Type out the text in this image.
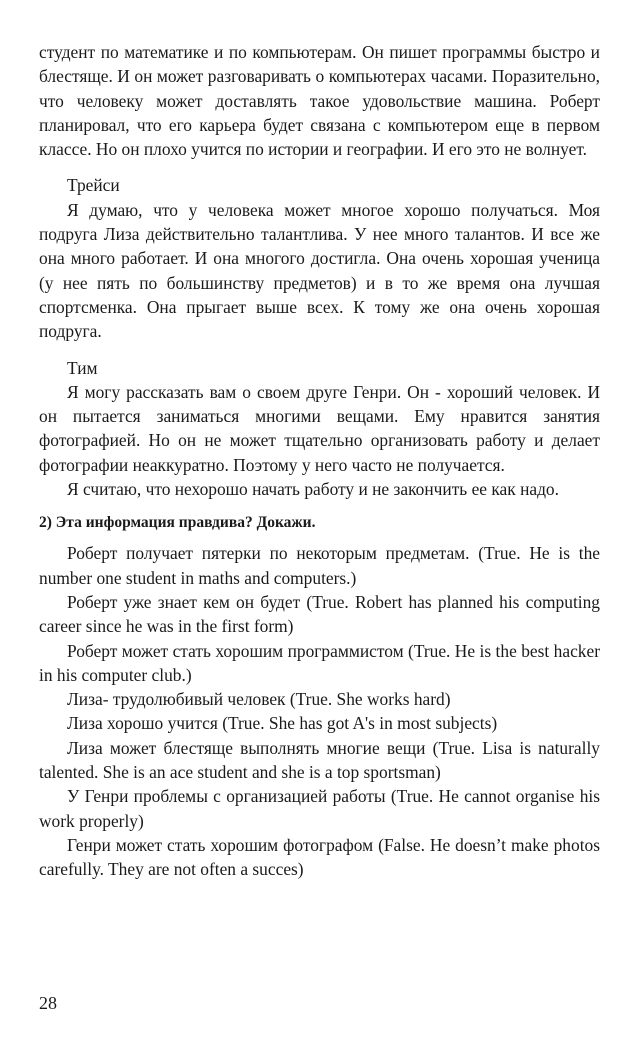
студент по математике и по компьютерам. Он пишет программы быстро и блестяще. И он может разговаривать о компьютерах часами. Поразительно, что человеку может доставлять такое удовольствие машина. Роберт планировал, что его карьера будет связана с компьютером еще в первом классе. Но он плохо учится по истории и географии. И его это не волнует.

Трейси

Я думаю, что у человека может многое хорошо получаться. Моя подруга Лиза действительно талантлива. У нее много талантов. И все же она много работает. И она многого достигла. Она очень хорошая ученица (у нее пять по большинству предметов) и в то же время она лучшая спортсменка. Она прыгает выше всех. К тому же она очень хорошая подруга.

Тим

Я могу рассказать вам о своем друге Генри. Он - хороший человек. И он пытается заниматься многими вещами. Ему нравится занятия фотографией. Но он не может тщательно организовать работу и делает фотографии неаккуратно. Поэтому у него часто не получается.

Я считаю, что нехорошо начать работу и не закончить ее как надо.

2) Эта информация правдива? Докажи.

Роберт получает пятерки по некоторым предметам. (True. He is the number one student in maths and computers.)

Роберт уже знает кем он будет (True. Robert has planned his computing career since he was in the first form)

Роберт может стать хорошим программистом (True. He is the best hacker in his computer club.)

Лиза- трудолюбивый человек (True. She works hard)

Лиза хорошо учится (True. She has got A's in most subjects)

Лиза может блестяще выполнять многие вещи (True. Lisa is naturally talented. She is an ace student and she is a top sportsman)

У Генри проблемы с организацией работы (True. He cannot organise his work properly)

Генри может стать хорошим фотографом (False. He doesn’t make photos carefully. They are not often a succes)

28
